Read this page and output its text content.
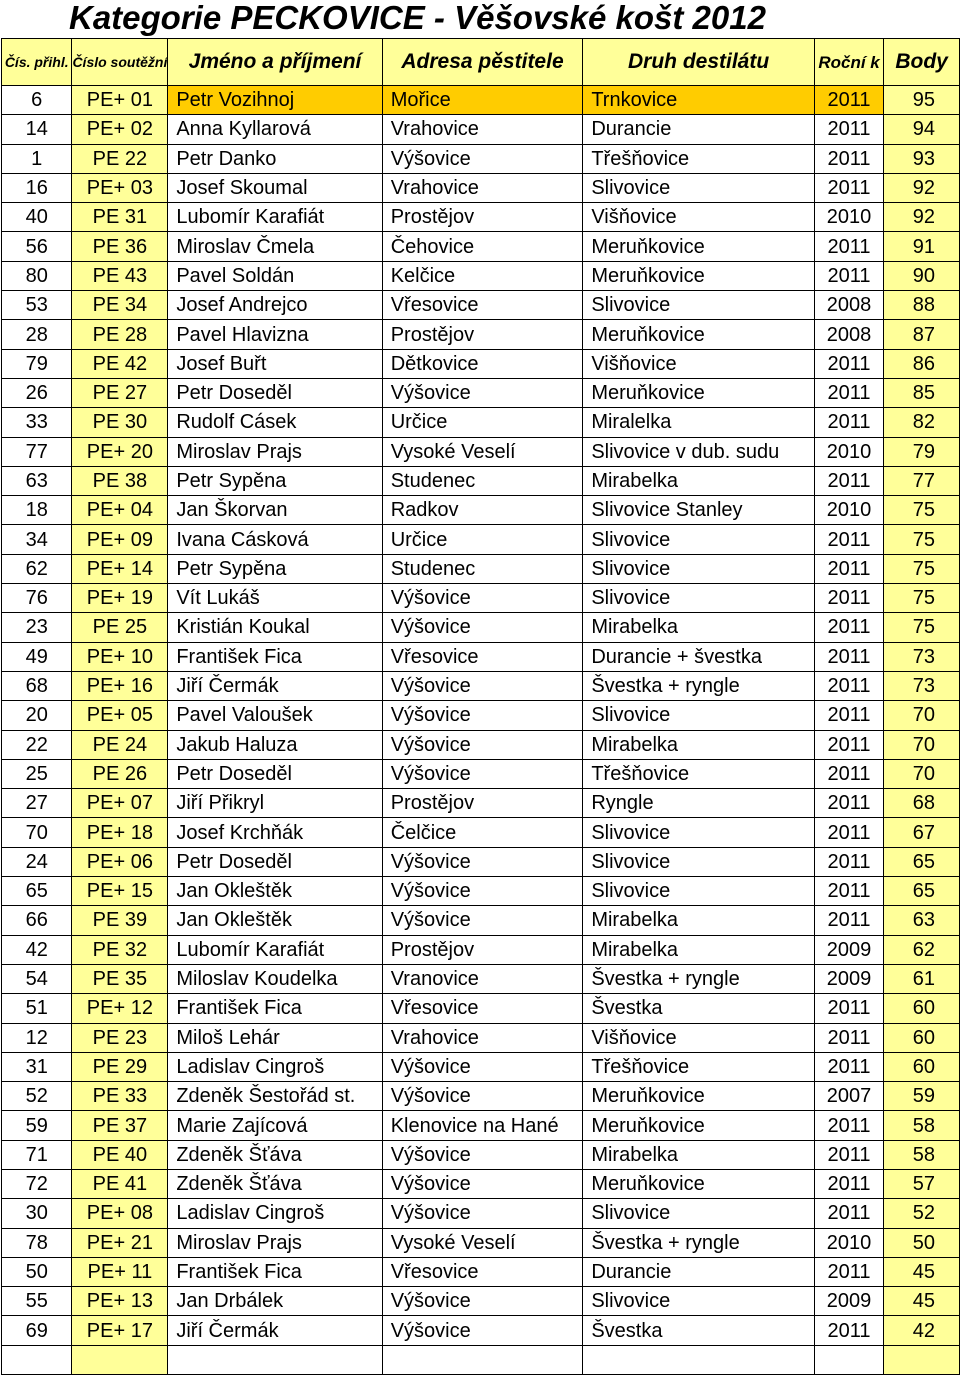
Kategorie PECKOVICE - Věšovské košt 2012
Čís. přihl.	Číslo soutěžní	Jméno a příjmení	Adresa pěstitele	Druh destilátu	Roční k	Body
6	PE+ 01	Petr Vozihnoj	Mořice	Trnkovice	2011	95
14	PE+ 02	Anna Kyllarová	Vrahovice	Durancie	2011	94
1	PE 22	Petr Danko	Výšovice	Třešňovice	2011	93
16	PE+ 03	Josef Skoumal	Vrahovice	Slivovice	2011	92
40	PE 31	Lubomír Karafiát	Prostějov	Višňovice	2010	92
56	PE 36	Miroslav Čmela	Čehovice	Meruňkovice	2011	91
80	PE 43	Pavel Soldán	Kelčice	Meruňkovice	2011	90
53	PE 34	Josef Andrejco	Vřesovice	Slivovice	2008	88
28	PE 28	Pavel Hlavizna	Prostějov	Meruňkovice	2008	87
79	PE 42	Josef Buřt	Dětkovice	Višňovice	2011	86
26	PE 27	Petr Doseděl	Výšovice	Meruňkovice	2011	85
33	PE 30	Rudolf Cásek	Určice	Miralelka	2011	82
77	PE+ 20	Miroslav Prajs	Vysoké Veselí	Slivovice v dub. sudu	2010	79
63	PE 38	Petr Sypěna	Studenec	Mirabelka	2011	77
18	PE+ 04	Jan Škorvan	Radkov	Slivovice Stanley	2010	75
34	PE+ 09	Ivana Cásková	Určice	Slivovice	2011	75
62	PE+ 14	Petr Sypěna	Studenec	Slivovice	2011	75
76	PE+ 19	Vít Lukáš	Výšovice	Slivovice	2011	75
23	PE 25	Kristián Koukal	Výšovice	Mirabelka	2011	75
49	PE+ 10	František Fica	Vřesovice	Durancie + švestka	2011	73
68	PE+ 16	Jiří Čermák	Výšovice	Švestka + ryngle	2011	73
20	PE+ 05	Pavel Valoušek	Výšovice	Slivovice	2011	70
22	PE 24	Jakub Haluza	Výšovice	Mirabelka	2011	70
25	PE 26	Petr Doseděl	Výšovice	Třešňovice	2011	70
27	PE+ 07	Jiří Přikryl	Prostějov	Ryngle	2011	68
70	PE+ 18	Josef Krchňák	Čelčice	Slivovice	2011	67
24	PE+ 06	Petr Doseděl	Výšovice	Slivovice	2011	65
65	PE+ 15	Jan Okleštěk	Výšovice	Slivovice	2011	65
66	PE 39	Jan Okleštěk	Výšovice	Mirabelka	2011	63
42	PE 32	Lubomír Karafiát	Prostějov	Mirabelka	2009	62
54	PE 35	Miloslav Koudelka	Vranovice	Švestka + ryngle	2009	61
51	PE+ 12	František Fica	Vřesovice	Švestka	2011	60
12	PE 23	Miloš Lehár	Vrahovice	Višňovice	2011	60
31	PE 29	Ladislav Cingroš	Výšovice	Třešňovice	2011	60
52	PE 33	Zdeněk Šestořád st.	Výšovice	Meruňkovice	2007	59
59	PE 37	Marie Zajícová	Klenovice na Hané	Meruňkovice	2011	58
71	PE 40	Zdeněk Šťáva	Výšovice	Mirabelka	2011	58
72	PE 41	Zdeněk Šťáva	Výšovice	Meruňkovice	2011	57
30	PE+ 08	Ladislav Cingroš	Výšovice	Slivovice	2011	52
78	PE+ 21	Miroslav Prajs	Vysoké Veselí	Švestka + ryngle	2010	50
50	PE+ 11	František Fica	Vřesovice	Durancie	2011	45
55	PE+ 13	Jan Drbálek	Výšovice	Slivovice	2009	45
69	PE+ 17	Jiří Čermák	Výšovice	Švestka	2011	42
